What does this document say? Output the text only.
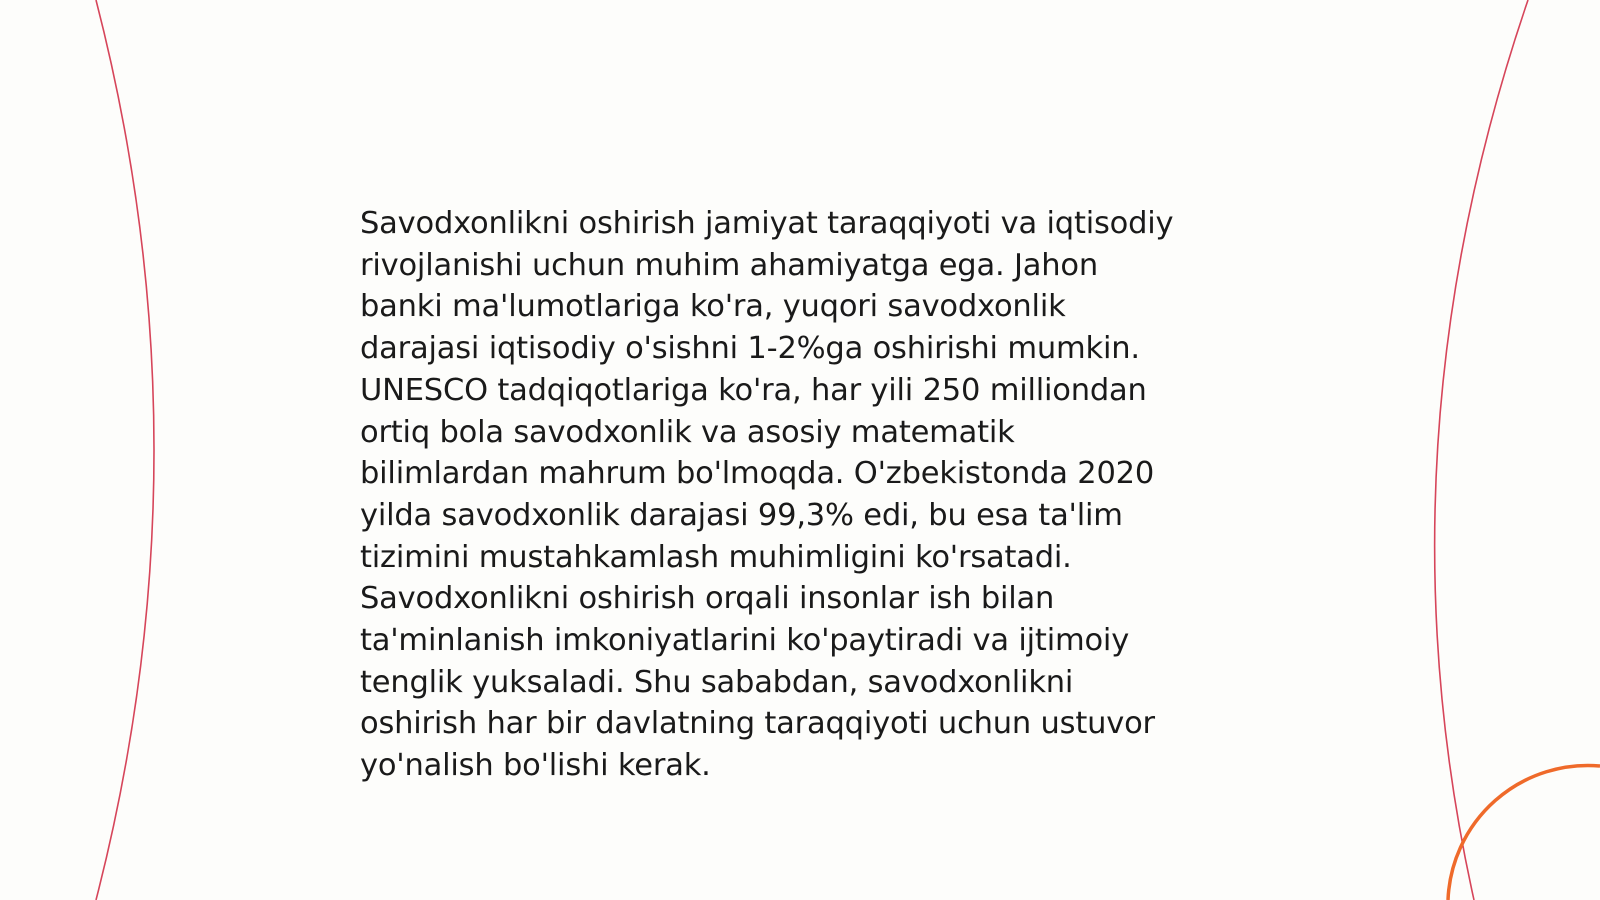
Savodxonlikni oshirish jamiyat taraqqiyoti va iqtisodiy
rivojlanishi uchun muhim ahamiyatga ega. Jahon
banki ma'lumotlariga ko'ra, yuqori savodxonlik
darajasi iqtisodiy o'sishni 1-2%ga oshirishi mumkin.
UNESCO tadqiqotlariga ko'ra, har yili 250 milliondan
ortiq bola savodxonlik va asosiy matematik
bilimlardan mahrum bo'lmoqda. O'zbekistonda 2020
yilda savodxonlik darajasi 99,3% edi, bu esa ta'lim
tizimini mustahkamlash muhimligini ko'rsatadi.
Savodxonlikni oshirish orqali insonlar ish bilan
ta'minlanish imkoniyatlarini ko'paytiradi va ijtimoiy
tenglik yuksaladi. Shu sababdan, savodxonlikni
oshirish har bir davlatning taraqqiyoti uchun ustuvor
yo'nalish bo'lishi kerak.
